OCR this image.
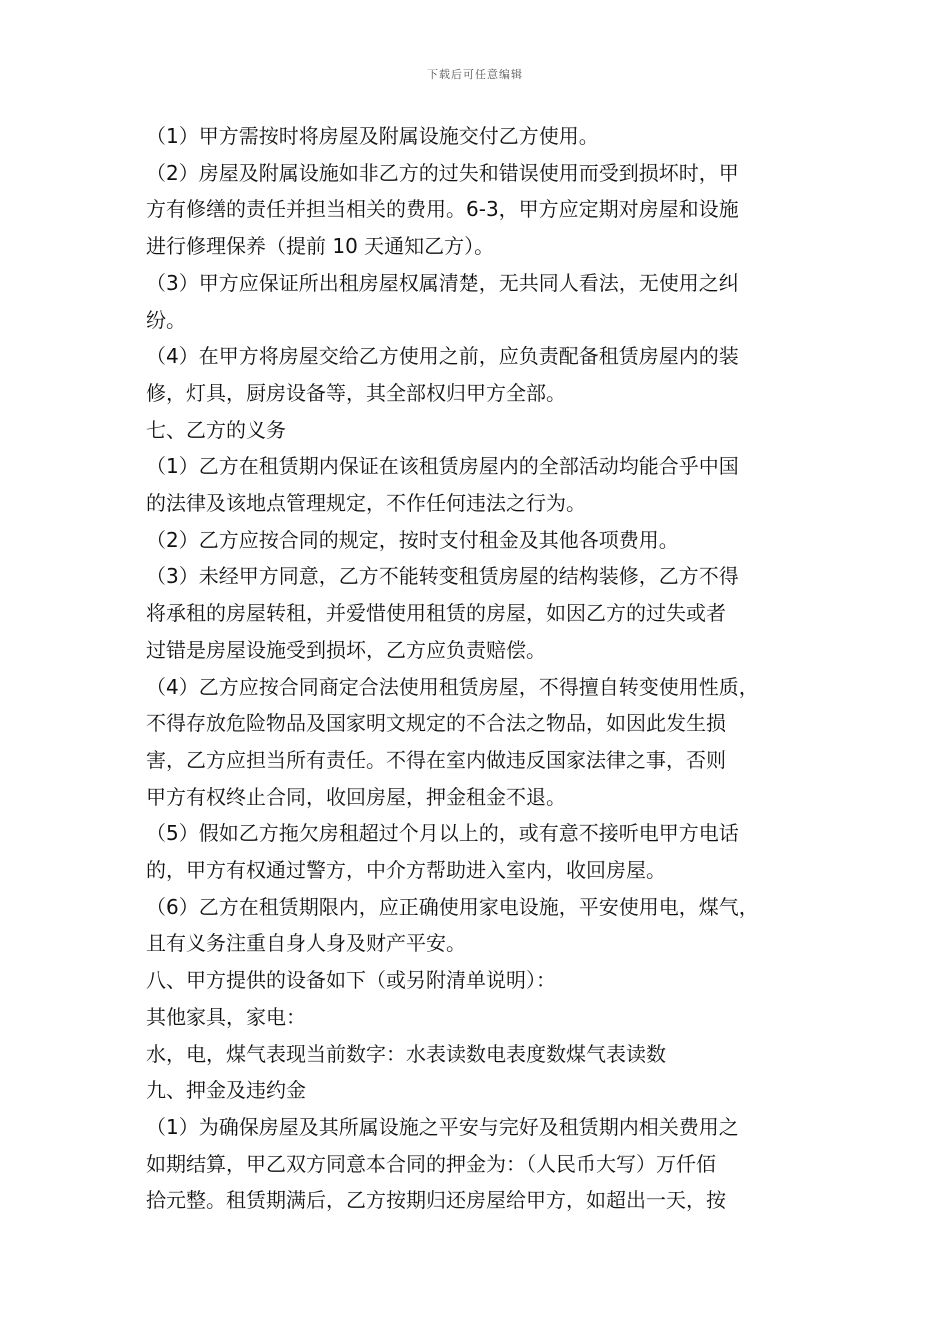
下载后可任意编辑

（1）甲方需按时将房屋及附属设施交付乙方使用。

（2）房屋及附属设施如非乙方的过失和错误使用而受到损坏时，甲

方有修缮的责任并担当相关的费用。6-3，甲方应定期对房屋和设施

进行修理保养（提前 10 天通知乙方）。

（3）甲方应保证所出租房屋权属清楚，无共同人看法，无使用之纠

纷。

（4）在甲方将房屋交给乙方使用之前，应负责配备租赁房屋内的装

修，灯具，厨房设备等，其全部权归甲方全部。

七、乙方的义务

（1）乙方在租赁期内保证在该租赁房屋内的全部活动均能合乎中国

的法律及该地点管理规定，不作任何违法之行为。

（2）乙方应按合同的规定，按时支付租金及其他各项费用。

（3）未经甲方同意，乙方不能转变租赁房屋的结构装修，乙方不得

将承租的房屋转租，并爱惜使用租赁的房屋，如因乙方的过失或者

过错是房屋设施受到损坏，乙方应负责赔偿。

（4）乙方应按合同商定合法使用租赁房屋，不得擅自转变使用性质，

不得存放危险物品及国家明文规定的不合法之物品，如因此发生损

害，乙方应担当所有责任。不得在室内做违反国家法律之事，否则

甲方有权终止合同，收回房屋，押金租金不退。

（5）假如乙方拖欠房租超过个月以上的，或有意不接听电甲方电话

的，甲方有权通过警方，中介方帮助进入室内，收回房屋。

（6）乙方在租赁期限内，应正确使用家电设施，平安使用电，煤气，

且有义务注重自身人身及财产平安。

八、甲方提供的设备如下（或另附清单说明）：

其他家具，家电：

水，电，煤气表现当前数字：水表读数电表度数煤气表读数

九、押金及违约金

（1）为确保房屋及其所属设施之平安与完好及租赁期内相关费用之

如期结算，甲乙双方同意本合同的押金为：（人民币大写）万仟佰

拾元整。租赁期满后，乙方按期归还房屋给甲方，如超出一天，按
